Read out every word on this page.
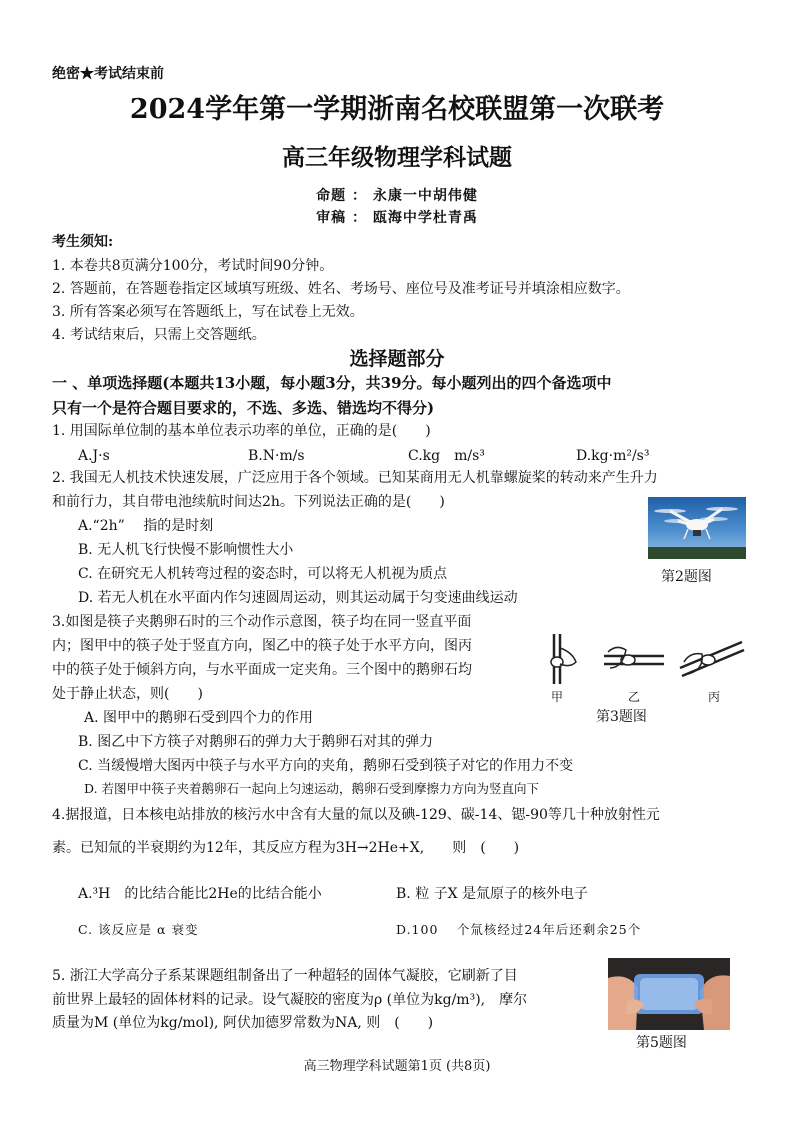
绝密★考试结束前
2024学年第一学期浙南名校联盟第一次联考
高三年级物理学科试题
命题 ： 永康一中胡伟健
审稿 ： 瓯海中学杜青禹
考生须知:
1. 本卷共8页满分100分，考试时间90分钟。
2. 答题前，在答题卷指定区域填写班级、姓名、考场号、座位号及准考证号并填涂相应数字。
3. 所有答案必须写在答题纸上，写在试卷上无效。
4. 考试结束后，只需上交答题纸。
选择题部分
一 、单项选择题(本题共13小题，每小题3分，共39分。每小题列出的四个备选项中
只有一个是符合题目要求的，不选、多选、错选均不得分)
1. 用国际单位制的基本单位表示功率的单位，正确的是(　　)
A.J·s	B.N·m/s	C.kg　m/s³	D.kg·m²/s³
2. 我国无人机技术快速发展，广泛应用于各个领域。已知某商用无人机靠螺旋桨的转动来产生升力
和前行力，其自带电池续航时间达2h。下列说法正确的是(　　)
A.“2h”　 指的是时刻
B. 无人机飞行快慢不影响惯性大小
C. 在研究无人机转弯过程的姿态时，可以将无人机视为质点
D. 若无人机在水平面内作匀速圆周运动，则其运动属于匀变速曲线运动
第2题图
3.如图是筷子夹鹅卵石时的三个动作示意图，筷子均在同一竖直平面
内；图甲中的筷子处于竖直方向，图乙中的筷子处于水平方向，图丙
中的筷子处于倾斜方向，与水平面成一定夹角。三个图中的鹅卵石均
处于静止状态，则(　　)
A. 图甲中的鹅卵石受到四个力的作用
B. 图乙中下方筷子对鹅卵石的弹力大于鹅卵石对其的弹力
C. 当缓慢增大图丙中筷子与水平方向的夹角，鹅卵石受到筷子对它的作用力不变
D. 若图甲中筷子夹着鹅卵石一起向上匀速运动，鹅卵石受到摩擦力方向为竖直向下
甲	乙	丙
第3题图
4.据报道，日本核电站排放的核污水中含有大量的氚以及碘-129、碳-14、锶-90等几十种放射性元
素。已知氚的半衰期约为12年，其反应方程为3H→2He+X,　　则　(　　)
A.³H　的比结合能比2He的比结合能小	B. 粒 子X 是氚原子的核外电子
C. 该反应是 α 衰变	D.100　 个氚核经过24年后还剩余25个
5. 浙江大学高分子系某课题组制备出了一种超轻的固体气凝胶，它刷新了目
前世界上最轻的固体材料的记录。设气凝胶的密度为ρ (单位为kg/m³),　摩尔
质量为M (单位为kg/mol), 阿伏加德罗常数为NA, 则　(　　)
第5题图
高三物理学科试题第1页 (共8页)
